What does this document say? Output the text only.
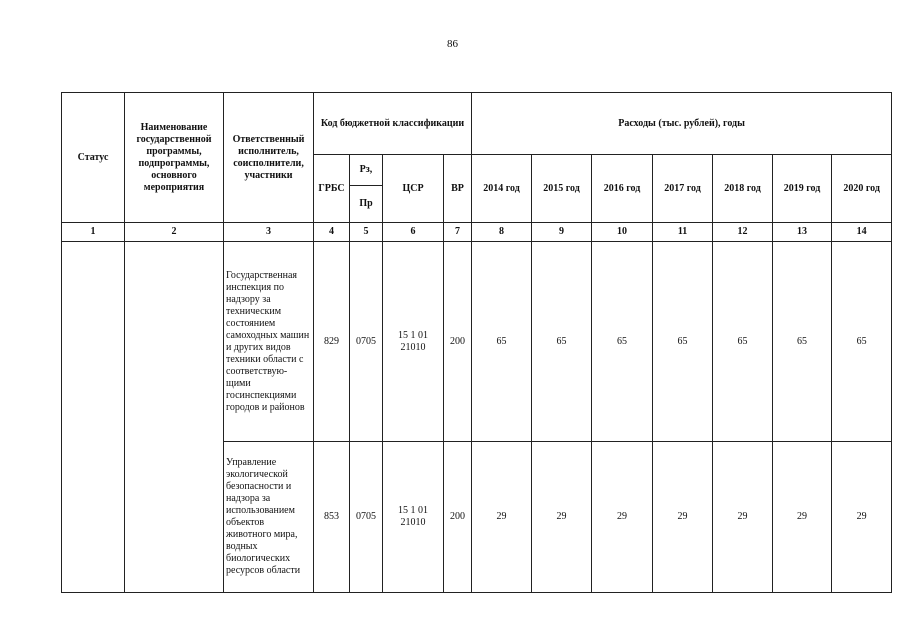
86
Статус	Наименование государственной программы, подпрограммы, основного мероприятия	Ответственный исполнитель, соисполнители, участники	Код бюджетной классификации				Расходы (тыс. рублей), годы						
			ГРБС	Рз,	ЦСР	ВР	2014 год	2015 год	2016 год	2017 год	2018 год	2019 год	2020 год
				Пр									
1	2	3	4	5	6	7	8	9	10	11	12	13	14
		Государственная инспекция по надзору за техническим состоянием самоходных машин и других видов техники области с соответствую-щими госинспекциями городов и районов	829	0705	15 1 01 21010	200	65	65	65	65	65	65	65
		Управление экологической безопасности и надзора за использованием объектов животного мира, водных биологических ресурсов области	853	0705	15 1 01 21010	200	29	29	29	29	29	29	29
